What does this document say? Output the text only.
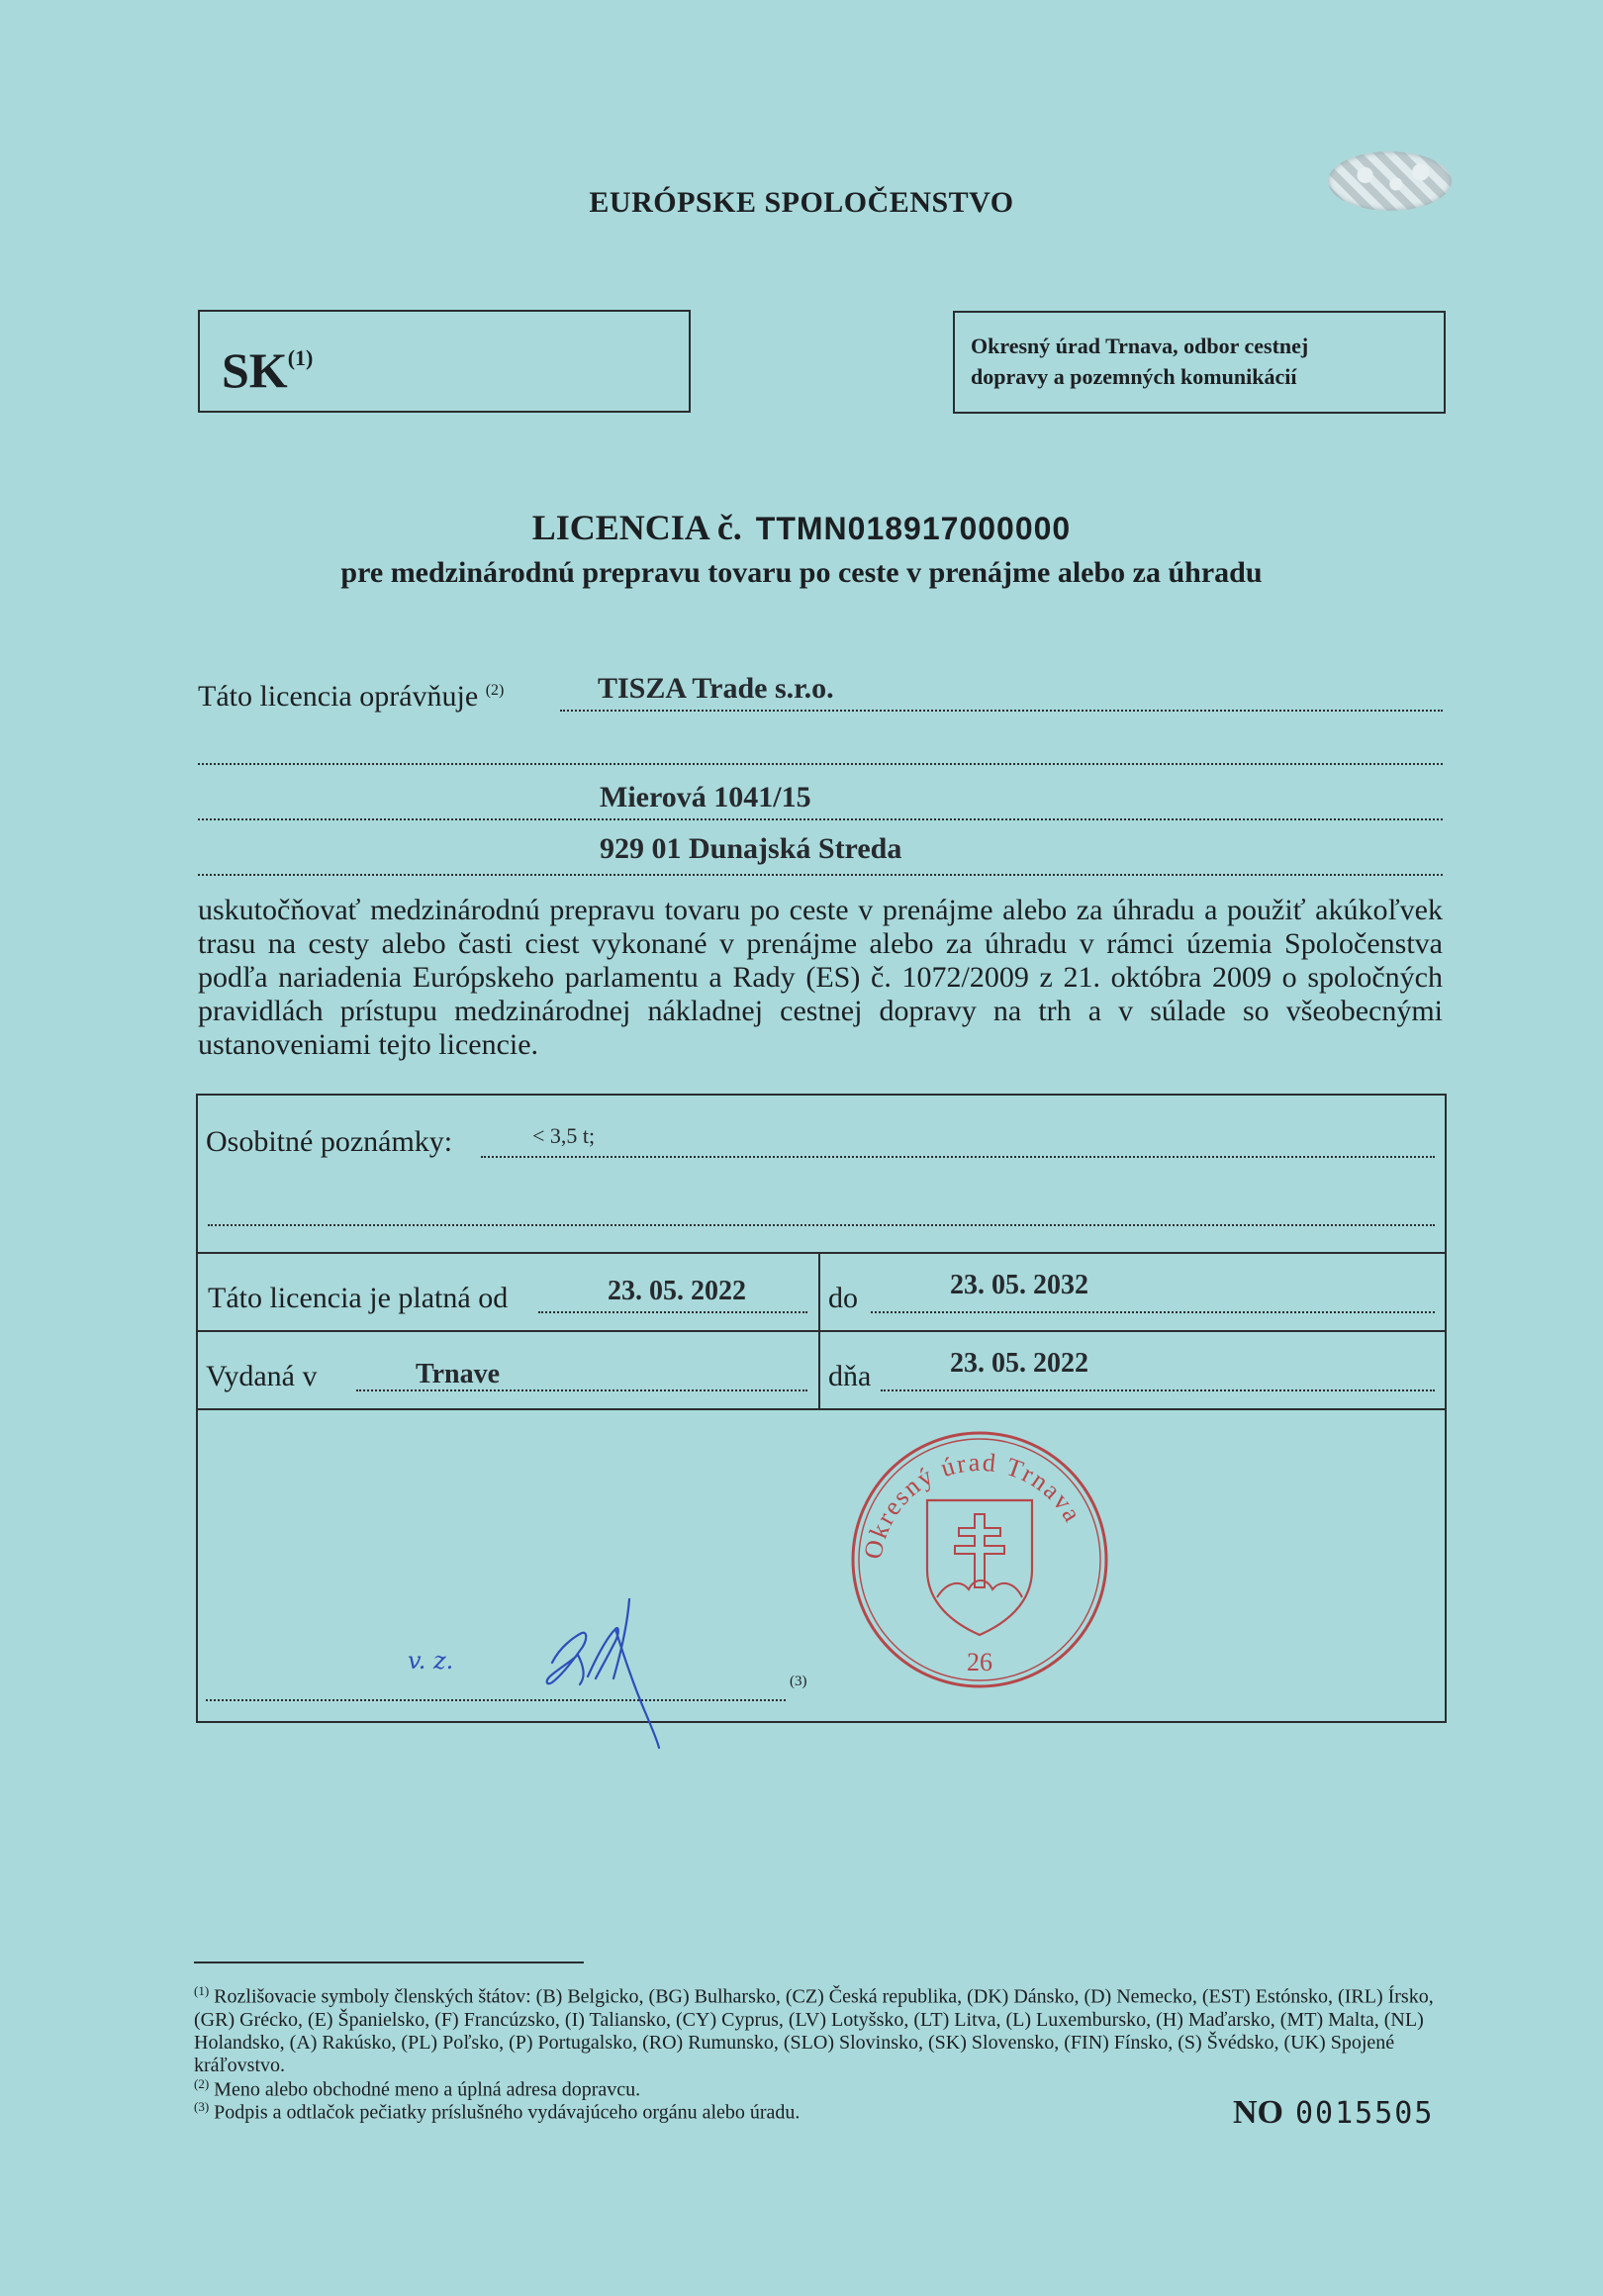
EURÓPSKE SPOLOČENSTVO
SK$^{(1)}$	Okresný úrad Trnava, odbor cestnej
dopravy a pozemných komunikácií
LICENCIA č. TTMN018917000000
pre medzinárodnú prepravu tovaru po ceste v prenájme alebo za úhradu
Táto licencia oprávňuje $^{(2)}$	TISZA Trade s.r.o.
Mierová 1041/15
929 01 Dunajská Streda
uskutočňovať medzinárodnú prepravu tovaru po ceste v prenájme alebo za úhradu a použiť akúkoľvek trasu na cesty alebo časti ciest vykonané v prenájme alebo za úhradu v rámci územia Spoločenstva podľa nariadenia Európskeho parlamentu a Rady (ES) č. 1072/2009 z 21. októbra 2009 o spoločných pravidlách prístupu medzinárodnej nákladnej cestnej dopravy na trh a v súlade so všeobecnými ustanoveniami tejto licencie.
Osobitné poznámky:	< 3,5 t;
Táto licencia je platná od	23. 05. 2022	do	23. 05. 2032
Vydaná v	Trnave	dňa	23. 05. 2022
(3)
v. z.
Okresný úrad Trnava
26
$^{(1)}$ Rozlišovacie symboly členských štátov: (B) Belgicko, (BG) Bulharsko, (CZ) Česká republika, (DK) Dánsko, (D) Nemecko, (EST) Estónsko, (IRL) Írsko, (GR) Grécko, (E) Španielsko, (F) Francúzsko, (I) Taliansko, (CY) Cyprus, (LV) Lotyšsko, (LT) Litva, (L) Luxembursko, (H) Maďarsko, (MT) Malta, (NL) Holandsko, (A) Rakúsko, (PL) Poľsko, (P) Portugalsko, (RO) Rumunsko, (SLO) Slovinsko, (SK) Slovensko, (FIN) Fínsko, (S) Švédsko, (UK) Spojené kráľovstvo.
$^{(2)}$ Meno alebo obchodné meno a úplná adresa dopravcu.
$^{(3)}$ Podpis a odtlačok pečiatky príslušného vydávajúceho orgánu alebo úradu.	NO 0015505
